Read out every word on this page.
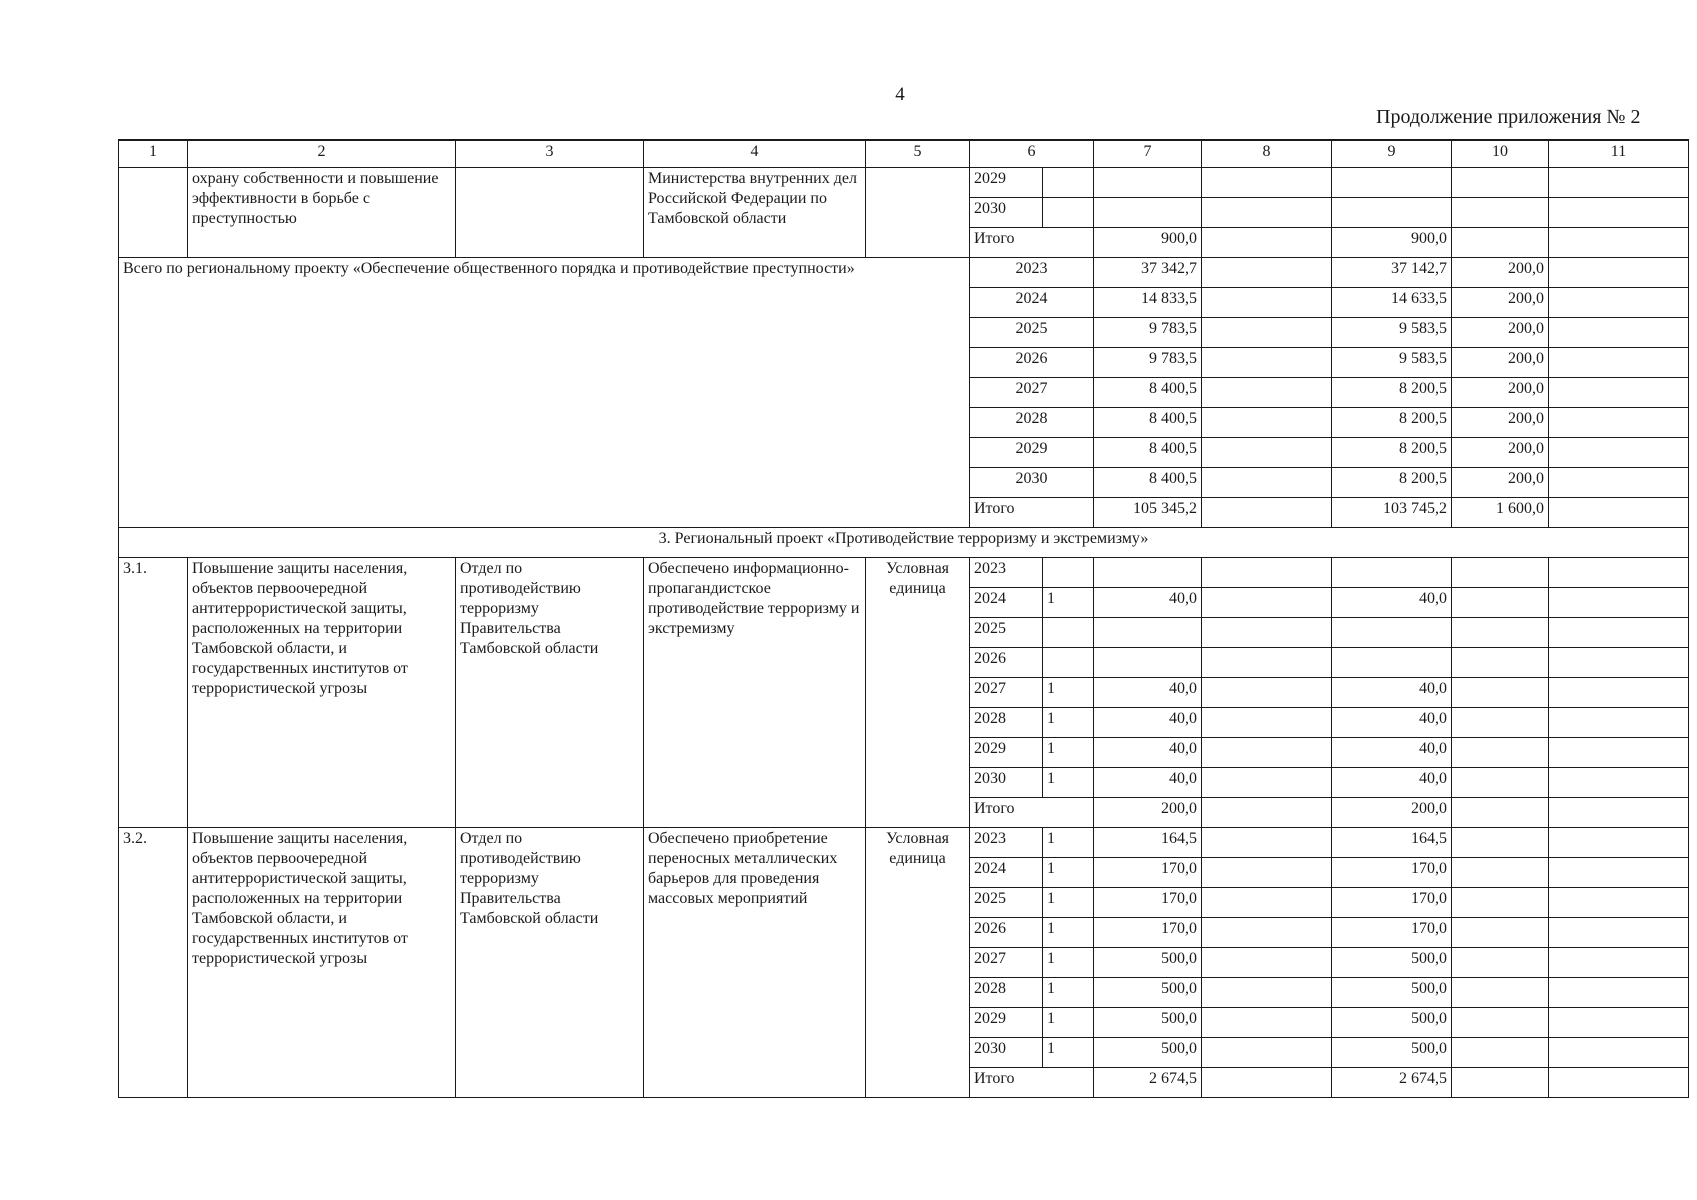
4
Продолжение приложения № 2
1	2	3	4	5	6		7	8	9	10	11
	охрану собственности и повышение эффективности в борьбе с преступностью		Министерства внутренних дел Российской Федерации по Тамбовской области		2029						
					2030						
					Итого		900,0		900,0		
Всего по региональному проекту «Обеспечение общественного порядка и противодействие преступности»					2023		37 342,7		37 142,7	200,0	
					2024		14 833,5		14 633,5	200,0	
					2025		9 783,5		9 583,5	200,0	
					2026		9 783,5		9 583,5	200,0	
					2027		8 400,5		8 200,5	200,0	
					2028		8 400,5		8 200,5	200,0	
					2029		8 400,5		8 200,5	200,0	
					2030		8 400,5		8 200,5	200,0	
					Итого		105 345,2		103 745,2	1 600,0	
3. Региональный проект «Противодействие терроризму и экстремизму»											
3.1.	Повышение защиты населения, объектов первоочередной антитеррористической защиты, расположенных на территории Тамбовской области, и государственных институтов от террористической угрозы	Отдел по противодействию терроризму Правительства Тамбовской области	Обеспечено информационно-пропагандистское противодействие терроризму и экстремизму	Условная единица	2023						
					2024	1	40,0		40,0		
					2025						
					2026						
					2027	1	40,0		40,0		
					2028	1	40,0		40,0		
					2029	1	40,0		40,0		
					2030	1	40,0		40,0		
					Итого		200,0		200,0		
3.2.	Повышение защиты населения, объектов первоочередной антитеррористической защиты, расположенных на территории Тамбовской области, и государственных институтов от террористической угрозы	Отдел по противодействию терроризму Правительства Тамбовской области	Обеспечено приобретение переносных металлических барьеров для проведения массовых мероприятий	Условная единица	2023	1	164,5		164,5		
					2024	1	170,0		170,0		
					2025	1	170,0		170,0		
					2026	1	170,0		170,0		
					2027	1	500,0		500,0		
					2028	1	500,0		500,0		
					2029	1	500,0		500,0		
					2030	1	500,0		500,0		
					Итого		2 674,5		2 674,5		
